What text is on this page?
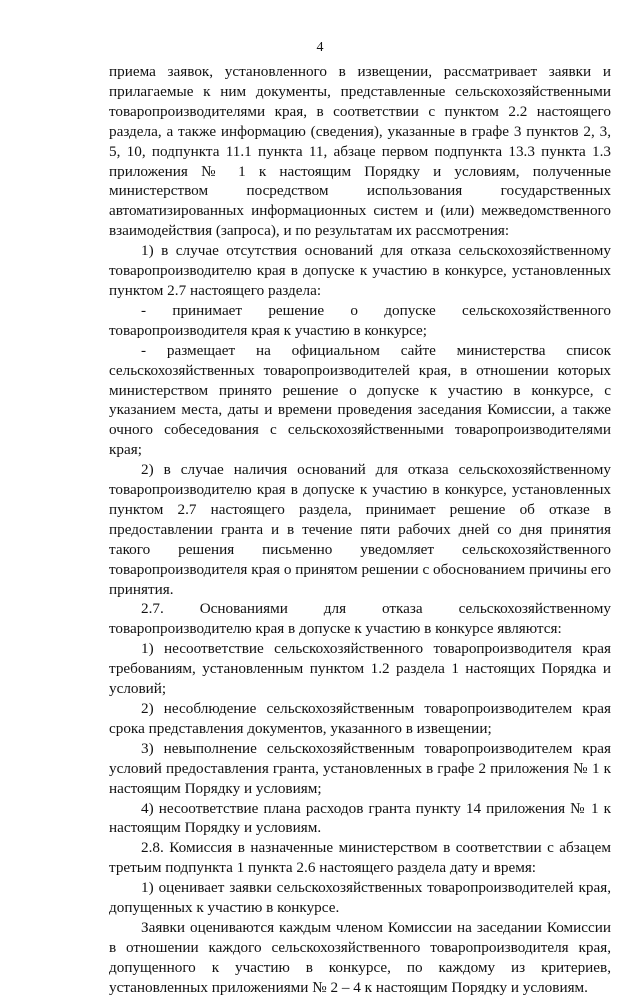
4

приема заявок, установленного в извещении, рассматривает заявки и прилагаемые к ним документы, представленные сельскохозяйственными товаропроизводителями края, в соответствии с пунктом 2.2 настоящего раздела, а также информацию (сведения), указанные в графе 3 пунктов 2, 3, 5, 10, подпункта 11.1 пункта 11, абзаце первом подпункта 13.3 пункта 1.3 приложения № 1 к настоящим Порядку и условиям, полученные министерством посредством использования государственных автоматизированных информационных систем и (или) межведомственного взаимодействия (запроса), и по результатам их рассмотрения:

1) в случае отсутствия оснований для отказа сельскохозяйственному товаропроизводителю края в допуске к участию в конкурсе, установленных пунктом 2.7 настоящего раздела:

- принимает решение о допуске сельскохозяйственного товаропроизводителя края к участию в конкурсе;

- размещает на официальном сайте министерства список сельскохозяйственных товаропроизводителей края, в отношении которых министерством принято решение о допуске к участию в конкурсе, с указанием места, даты и времени проведения заседания Комиссии, а также очного собеседования с сельскохозяйственными товаропроизводителями края;

2) в случае наличия оснований для отказа сельскохозяйственному товаропроизводителю края в допуске к участию в конкурсе, установленных пунктом 2.7 настоящего раздела, принимает решение об отказе в предоставлении гранта и в течение пяти рабочих дней со дня принятия такого решения письменно уведомляет сельскохозяйственного товаропроизводителя края о принятом решении с обоснованием причины его принятия.

2.7. Основаниями для отказа сельскохозяйственному товаропроизводителю края в допуске к участию в конкурсе являются:

1) несоответствие сельскохозяйственного товаропроизводителя края требованиям, установленным пунктом 1.2 раздела 1 настоящих Порядка и условий;

2) несоблюдение сельскохозяйственным товаропроизводителем края срока представления документов, указанного в извещении;

3) невыполнение сельскохозяйственным товаропроизводителем края условий предоставления гранта, установленных в графе 2 приложения № 1 к настоящим Порядку и условиям;

4) несоответствие плана расходов гранта пункту 14 приложения № 1 к настоящим Порядку и условиям.

2.8. Комиссия в назначенные министерством в соответствии с абзацем третьим подпункта 1 пункта 2.6 настоящего раздела дату и время:

1) оценивает заявки сельскохозяйственных товаропроизводителей края, допущенных к участию в конкурсе.

Заявки оцениваются каждым членом Комиссии на заседании Комиссии в отношении каждого сельскохозяйственного товаропроизводителя края, допущенного к участию в конкурсе, по каждому из критериев, установленных приложениями № 2 – 4 к настоящим Порядку и условиям.
